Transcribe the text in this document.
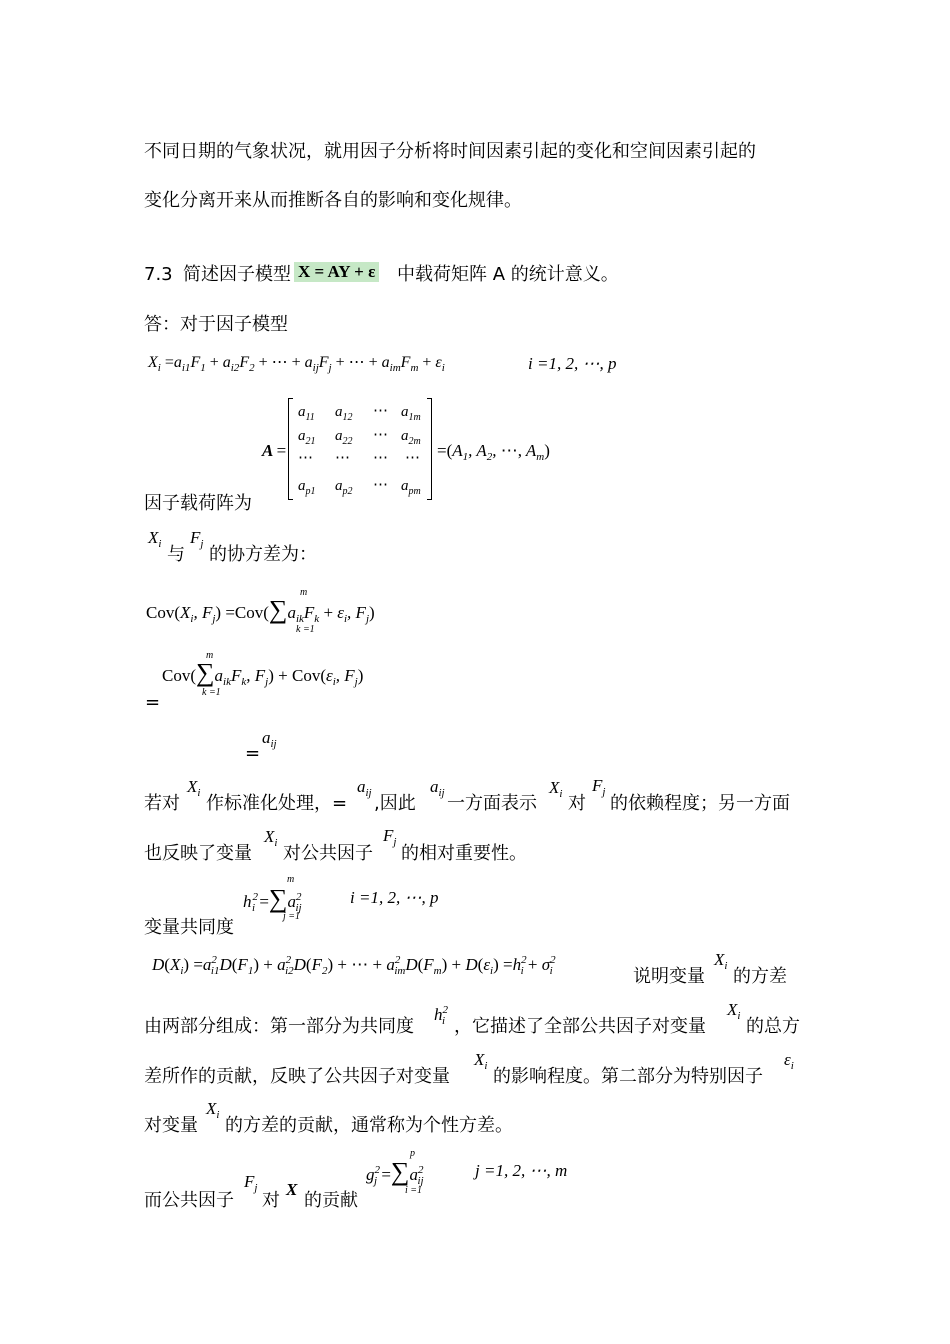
不同日期的气象状况，就用因子分析将时间因素引起的变化和空间因素引起的
变化分离开来从而推断各自的影响和变化规律。
7.3 简述因子模型 X = AY + ε 中载荷矩阵 A 的统计意义。
答：对于因子模型
$X_i =a_{i1}F_1 + a_{i2}F_2$ + ⋯ + $a_{ij}F_j$ + ⋯ + $a_{im}F_m + \varepsilon_i$	i =1, 2, ⋯, p
A =
$a_{11}$ $a_{12}$ ⋯ $a_{1m}$
$a_{21}$ $a_{22}$ ⋯ $a_{2m}$
⋯ ⋯ ⋯ ⋯
$a_{p1}$ $a_{p2}$ ⋯ $a_{pm}$
$=(A_1$, $A_2$, ⋯, $A_m$)
因子载荷阵为
$X_i$ 与
$F_j$ 的协方差为：
$Cov(X_i$, $F_j) =Cov(\sum a_{ik}F_k + \varepsilon_i$, $F_j$)
m
k =1
$Cov(\sum a_{ik}F_k$, $F_j) + Cov(\varepsilon_i$, $F_j$)
m
k =1
=
=
$a_{ij}$
若对
$X_i$ 作标准化处理，=
$a_{ij}$ ,因此
$a_{ij}$ 一方面表示
$X_i$ 对
$F_j$
的依赖程度；另一方面
也反映了变量
$X_i$ 对公共因子
$F_j$
的相对重要性。
$h^2_i =\sum a^2_{ij}$
m
j =1
i =1, 2, ⋯, p
变量共同度
$D(X_i) =a^2_{i1}D(F_1) + a^2_{i2}D(F_2)$ + ⋯ + $a^2_{im}D(F_m) + D(\varepsilon_i) =h^2_i + \sigma^2_i$	说明变量
$X_i$ 的方差
由两部分组成：第一部分为共同度
$h^2_i$ ，它描述了全部公共因子对变量
$X_i$ 的总方
差所作的贡献，反映了公共因子对变量
$X_i$ 的影响程度。第二部分为特别因子
$\varepsilon_i$
对变量
$X_i$ 的方差的贡献，通常称为个性方差。
$g^2_j =\sum a^2_{ij}$
p
i =1
j =1, 2, ⋯, m
而公共因子
$F_j$
对
X
的贡献
